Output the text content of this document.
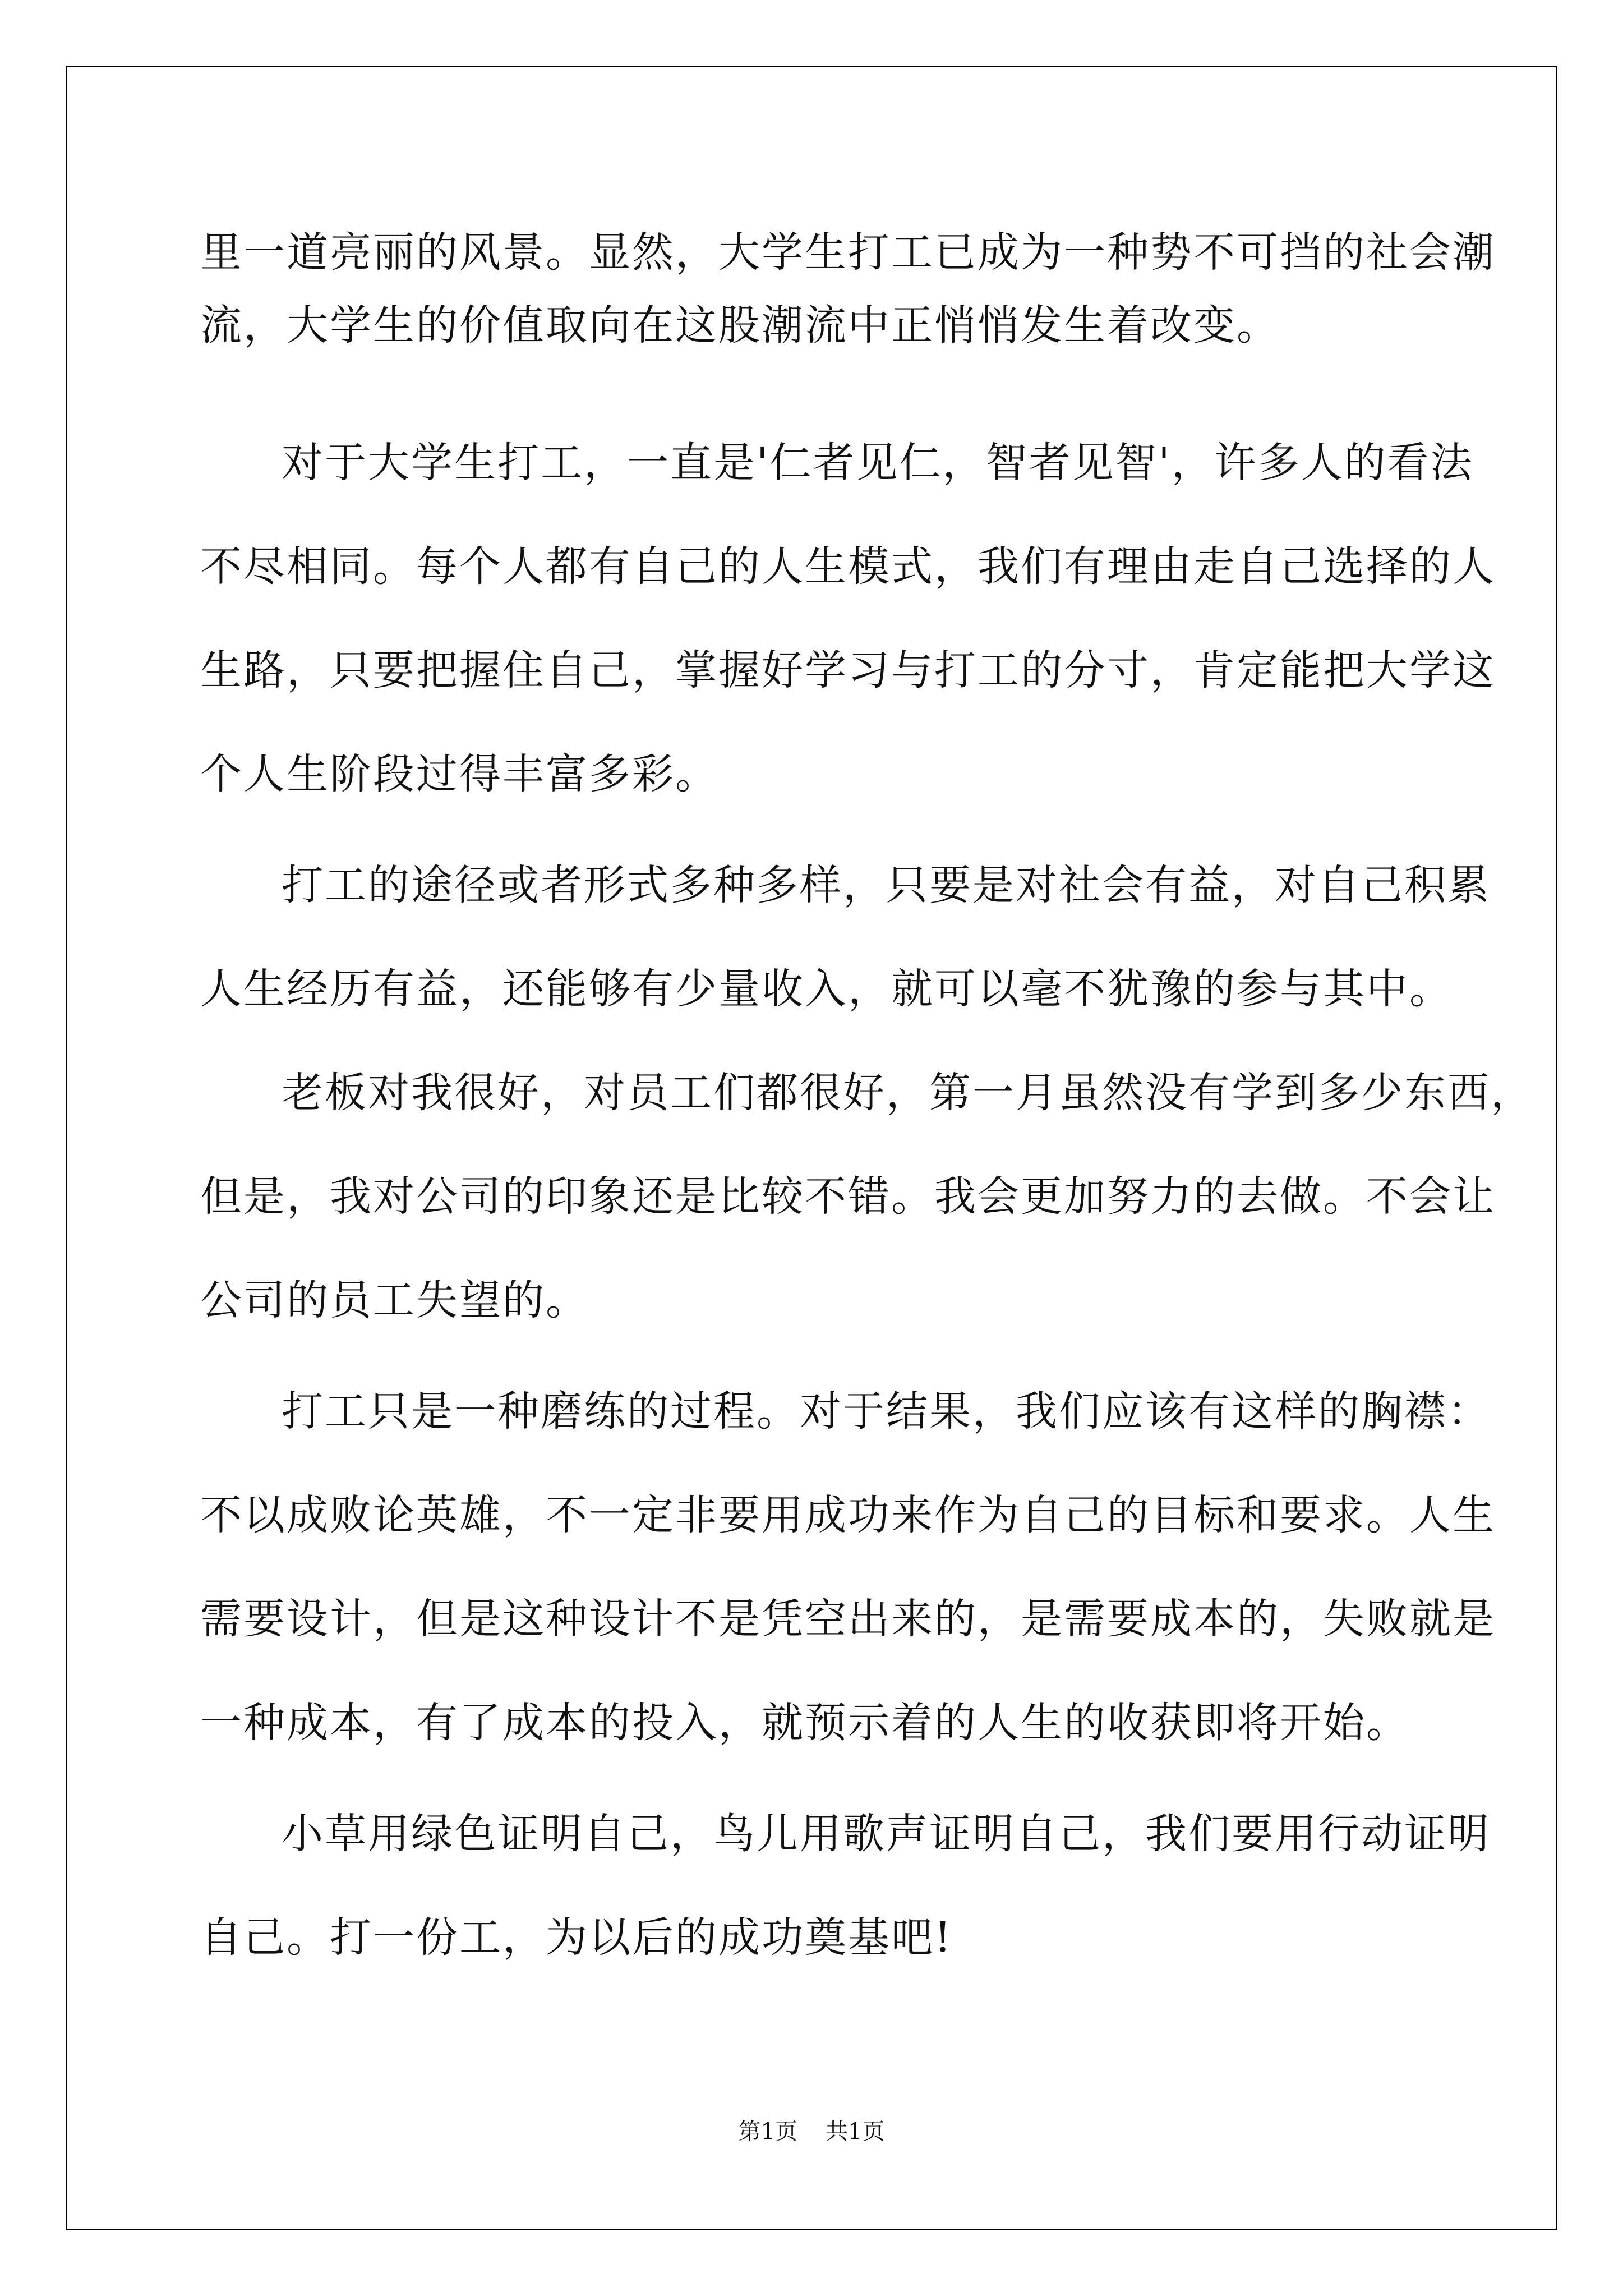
里一道亮丽的风景。显然，大学生打工已成为一种势不可挡的社会潮
流，大学生的价值取向在这股潮流中正悄悄发生着改变。
对于大学生打工，一直是'仁者见仁，智者见智'，许多人的看法
不尽相同。每个人都有自己的人生模式，我们有理由走自己选择的人
生路，只要把握住自己，掌握好学习与打工的分寸，肯定能把大学这
个人生阶段过得丰富多彩。
打工的途径或者形式多种多样，只要是对社会有益，对自己积累
人生经历有益，还能够有少量收入，就可以毫不犹豫的参与其中。
老板对我很好，对员工们都很好，第一月虽然没有学到多少东西，
但是，我对公司的印象还是比较不错。我会更加努力的去做。不会让
公司的员工失望的。
打工只是一种磨练的过程。对于结果，我们应该有这样的胸襟：
不以成败论英雄，不一定非要用成功来作为自己的目标和要求。人生
需要设计，但是这种设计不是凭空出来的，是需要成本的，失败就是
一种成本，有了成本的投入，就预示着的人生的收获即将开始。
小草用绿色证明自己，鸟儿用歌声证明自己，我们要用行动证明
自己。打一份工，为以后的成功奠基吧!
第1页 共1页
